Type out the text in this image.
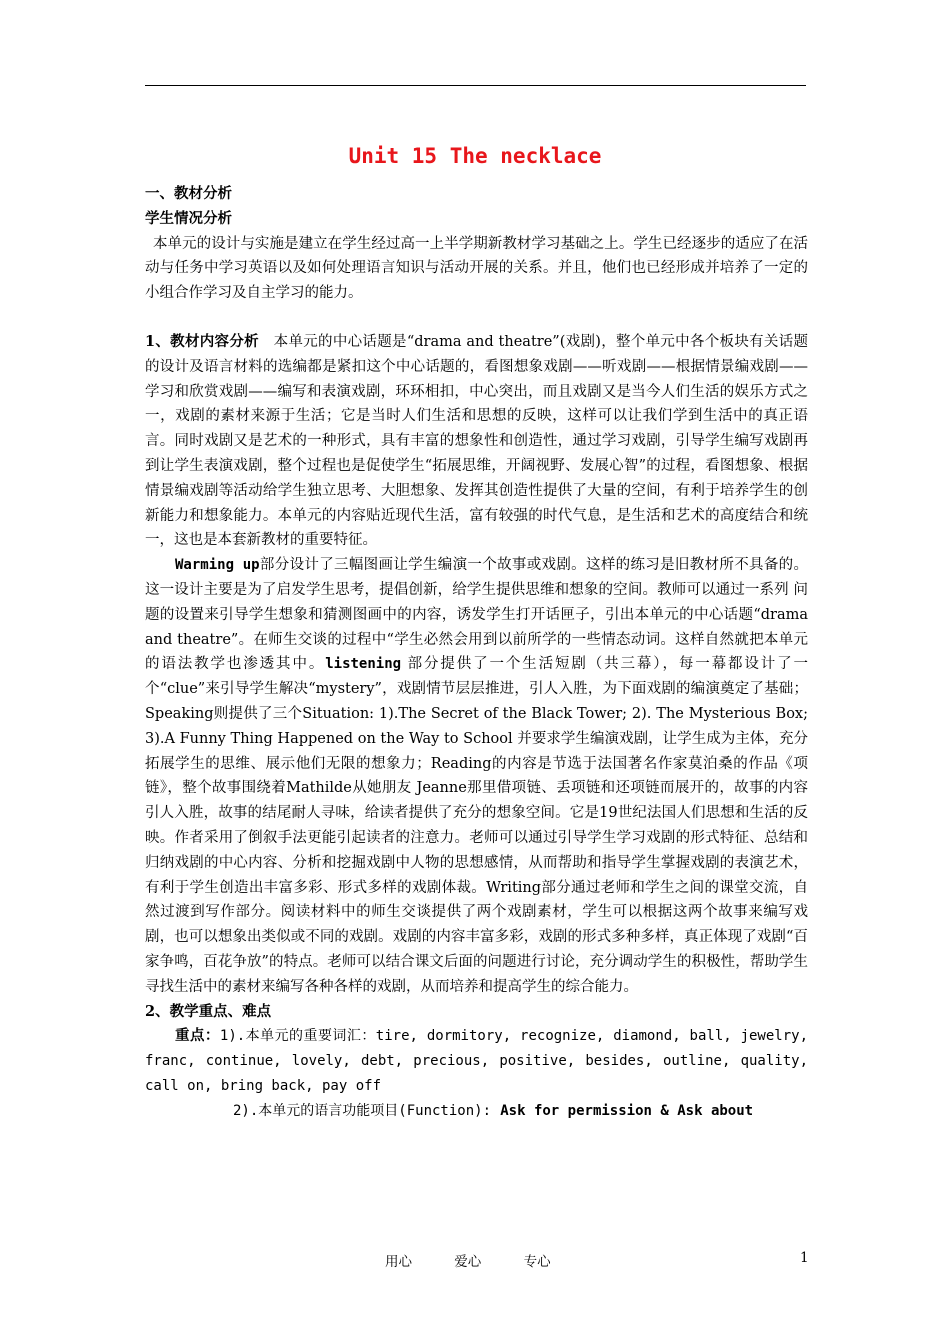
Unit 15 The necklace

一、教材分析

学生情况分析

本单元的设计与实施是建立在学生经过高一上半学期新教材学习基础之上。学生已经逐步的适应了在活动与任务中学习英语以及如何处理语言知识与活动开展的关系。并且，他们也已经形成并培养了一定的小组合作学习及自主学习的能力。

1、教材内容分析 本单元的中心话题是“drama and theatre”(戏剧)，整个单元中各个板块有关话题的设计及语言材料的选编都是紧扣这个中心话题的，看图想象戏剧——听戏剧——根据情景编戏剧——学习和欣赏戏剧——编写和表演戏剧，环环相扣，中心突出，而且戏剧又是当今人们生活的娱乐方式之一，戏剧的素材来源于生活；它是当时人们生活和思想的反映，这样可以让我们学到生活中的真正语言。同时戏剧又是艺术的一种形式，具有丰富的想象性和创造性，通过学习戏剧，引导学生编写戏剧再到让学生表演戏剧，整个过程也是促使学生“拓展思维，开阔视野、发展心智”的过程，看图想象、根据情景编戏剧等活动给学生独立思考、大胆想象、发挥其创造性提供了大量的空间，有利于培养学生的创新能力和想象能力。本单元的内容贴近现代生活，富有较强的时代气息，是生活和艺术的高度结合和统一，这也是本套新教材的重要特征。

Warming up部分设计了三幅图画让学生编演一个故事或戏剧。这样的练习是旧教材所不具备的。这一设计主要是为了启发学生思考，提倡创新，给学生提供思维和想象的空间。教师可以通过一系列 问题的设置来引导学生想象和猜测图画中的内容，诱发学生打开话匣子，引出本单元的中心话题“drama and theatre”。在师生交谈的过程中“学生必然会用到以前所学的一些情态动词。这样自然就把本单元的语法教学也渗透其中。listening 部分提供了一个生活短剧（共三幕），每一幕都设计了一个“clue”来引导学生解决“mystery”，戏剧情节层层推进，引人入胜，为下面戏剧的编演奠定了基础；Speaking则提供了三个Situation: 1).The Secret of the Black Tower; 2). The Mysterious Box; 3).A Funny Thing Happened on the Way to School 并要求学生编演戏剧，让学生成为主体，充分拓展学生的思维、展示他们无限的想象力；Reading的内容是节选于法国著名作家莫泊桑的作品《项链》，整个故事围绕着Mathilde从她朋友 Jeanne那里借项链、丢项链和还项链而展开的，故事的内容引人入胜，故事的结尾耐人寻味，给读者提供了充分的想象空间。它是19世纪法国人们思想和生活的反映。作者采用了倒叙手法更能引起读者的注意力。老师可以通过引导学生学习戏剧的形式特征、总结和归纳戏剧的中心内容、分析和挖掘戏剧中人物的思想感情，从而帮助和指导学生掌握戏剧的表演艺术，有利于学生创造出丰富多彩、形式多样的戏剧体裁。Writing部分通过老师和学生之间的课堂交流，自然过渡到写作部分。阅读材料中的师生交谈提供了两个戏剧素材，学生可以根据这两个故事来编写戏剧，也可以想象出类似或不同的戏剧。戏剧的内容丰富多彩，戏剧的形式多种多样，真正体现了戏剧“百家争鸣，百花争放”的特点。老师可以结合课文后面的问题进行讨论，充分调动学生的积极性，帮助学生寻找生活中的素材来编写各种各样的戏剧，从而培养和提高学生的综合能力。

2、教学重点、难点

重点：1).本单元的重要词汇：tire, dormitory, recognize, diamond, ball, jewelry, franc, continue, lovely, debt, precious, positive, besides, outline, quality, call on, bring back, pay off

2).本单元的语言功能项目(Function): Ask for permission & Ask about

用心	爱心	专心	1
